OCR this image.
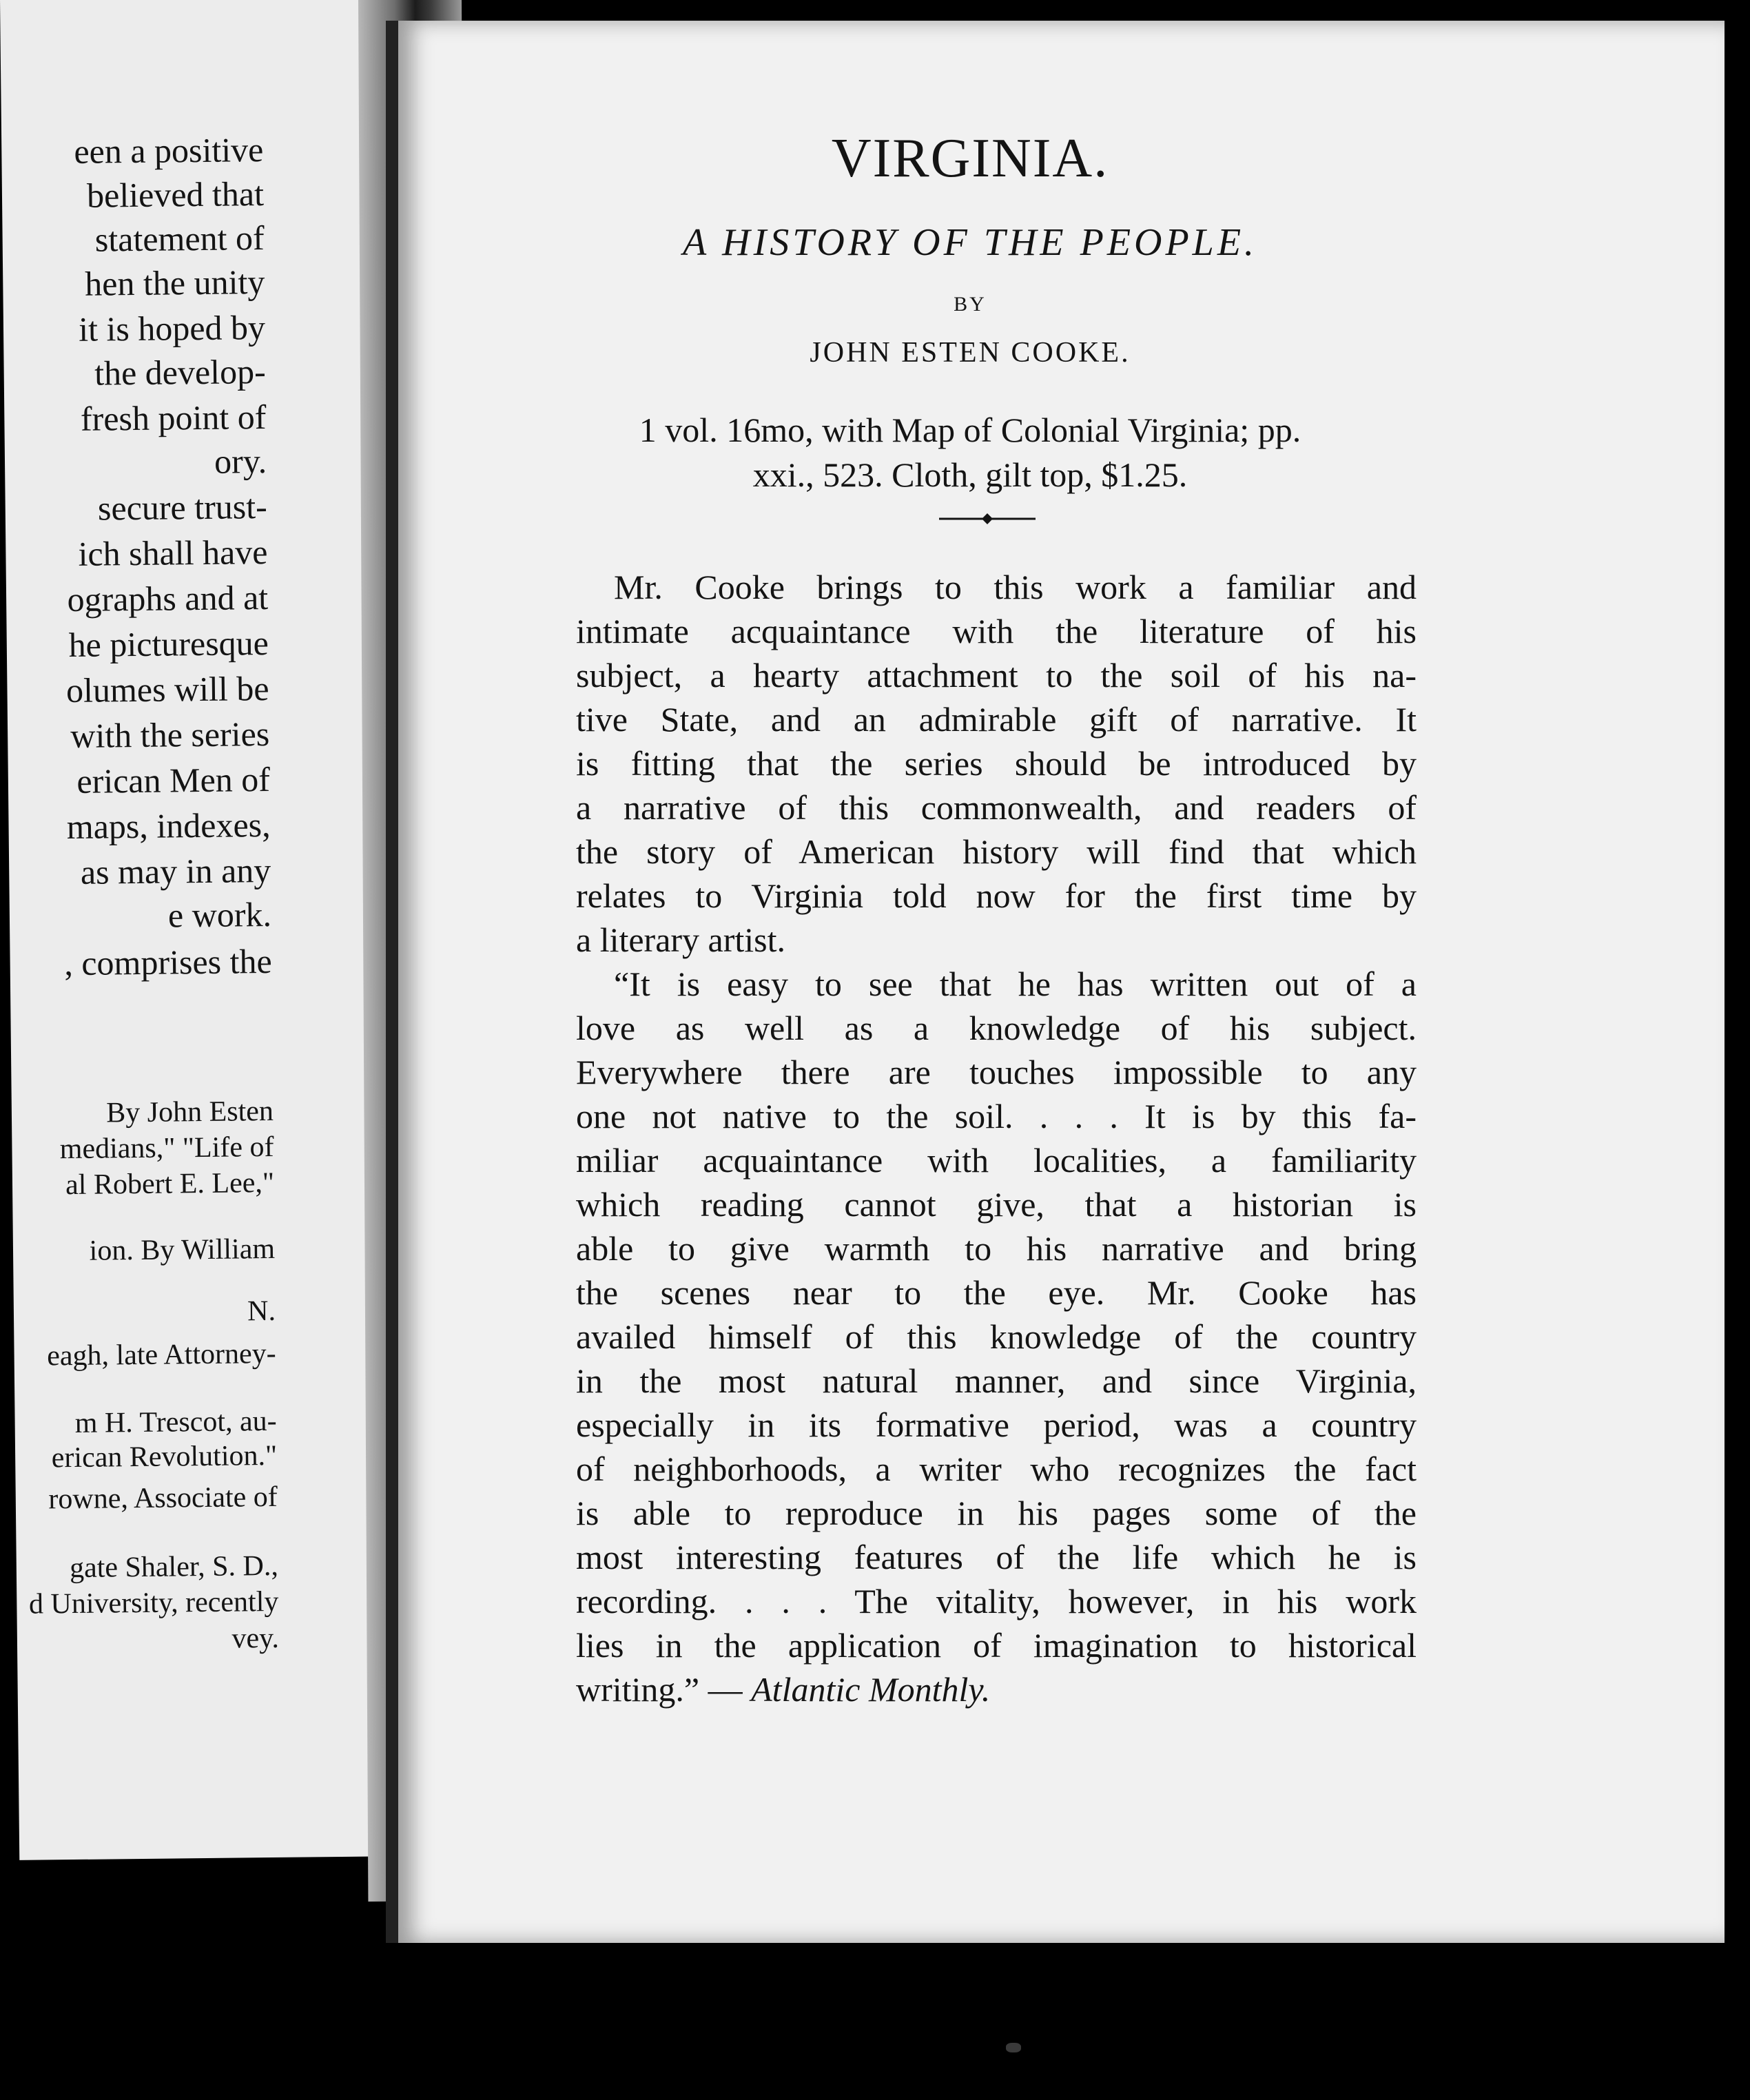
een a positive
believed that
statement of
hen the unity
it is hoped by
the develop-
fresh point of
ory.
secure trust-
ich shall have
ographs and at
he picturesque
olumes will be
with the series
erican Men of
maps, indexes,
as may in any
e work.
, comprises the
By John Esten
medians," "Life of
al Robert E. Lee,"
ion. By William
N.
eagh, late Attorney-
m H. Trescot, au-
erican Revolution."
rowne, Associate of
gate Shaler, S. D.,
d University, recently
vey.
VIRGINIA.
A HISTORY OF THE PEOPLE.
BY
JOHN ESTEN COOKE.
1 vol. 16mo, with Map of Colonial Virginia; pp.
xxi., 523. Cloth, gilt top, $1.25.
Mr. Cooke brings to this work a familiar and
intimate acquaintance with the literature of his
subject, a hearty attachment to the soil of his na-
tive State, and an admirable gift of narrative. It
is fitting that the series should be introduced by
a narrative of this commonwealth, and readers of
the story of American history will find that which
relates to Virginia told now for the first time by
a literary artist.
“It is easy to see that he has written out of a
love as well as a knowledge of his subject.
Everywhere there are touches impossible to any
one not native to the soil. . . . It is by this fa-
miliar acquaintance with localities, a familiarity
which reading cannot give, that a historian is
able to give warmth to his narrative and bring
the scenes near to the eye. Mr. Cooke has
availed himself of this knowledge of the country
in the most natural manner, and since Virginia,
especially in its formative period, was a country
of neighborhoods, a writer who recognizes the fact
is able to reproduce in his pages some of the
most interesting features of the life which he is
recording. . . . The vitality, however, in his work
lies in the application of imagination to historical
writing.” — Atlantic Monthly.
